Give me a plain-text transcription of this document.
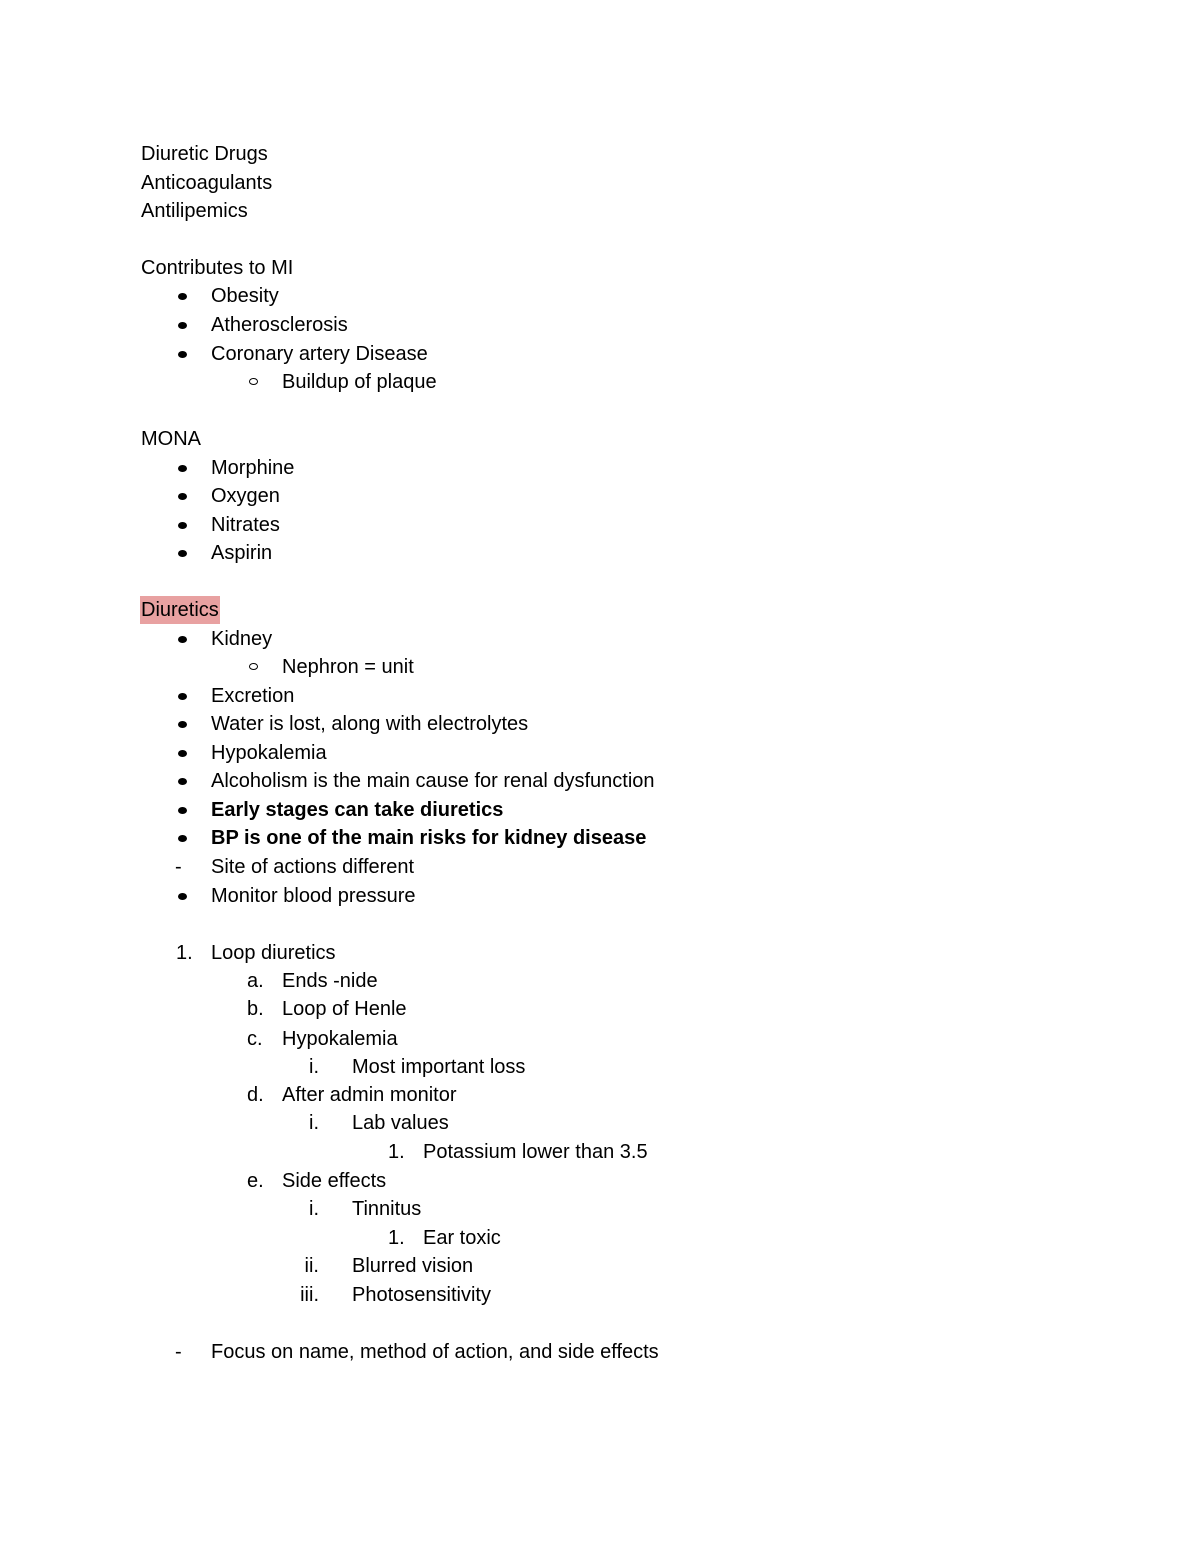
Diuretic Drugs
Anticoagulants
Antilipemics
Contributes to MI
Obesity
Atherosclerosis
Coronary artery Disease
Buildup of plaque
MONA
Morphine
Oxygen
Nitrates
Aspirin
Diuretics
Kidney
Nephron = unit
Excretion
Water is lost, along with electrolytes
Hypokalemia
Alcoholism is the main cause for renal dysfunction
Early stages can take diuretics
BP is one of the main risks for kidney disease
- Site of actions different
Monitor blood pressure
1. Loop diuretics
a. Ends -nide
b. Loop of Henle
c. Hypokalemia
i. Most important loss
d. After admin monitor
i. Lab values
1. Potassium lower than 3.5
e. Side effects
i. Tinnitus
1. Ear toxic
ii. Blurred vision
iii. Photosensitivity
- Focus on name, method of action, and side effects
